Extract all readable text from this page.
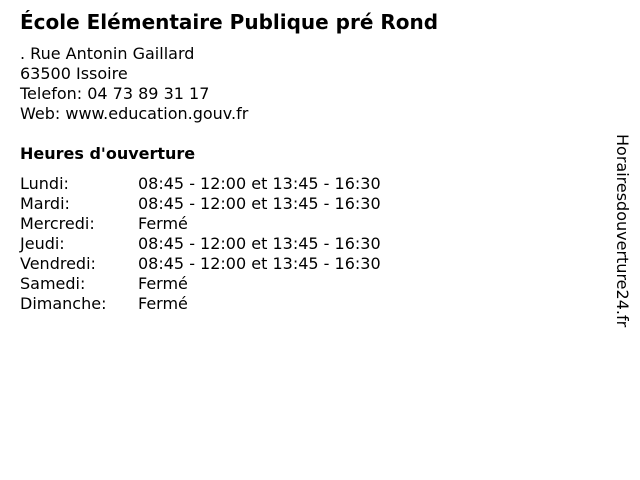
École Elémentaire Publique pré Rond
. Rue Antonin Gaillard
63500 Issoire
Telefon: 04 73 89 31 17
Web: www.education.gouv.fr
Heures d'ouverture
Lundi:	08:45 - 12:00 et 13:45 - 16:30
Mardi:	08:45 - 12:00 et 13:45 - 16:30
Mercredi:	Fermé
Jeudi:	08:45 - 12:00 et 13:45 - 16:30
Vendredi:	08:45 - 12:00 et 13:45 - 16:30
Samedi:	Fermé
Dimanche:	Fermé	Horairesdouverture24.fr
